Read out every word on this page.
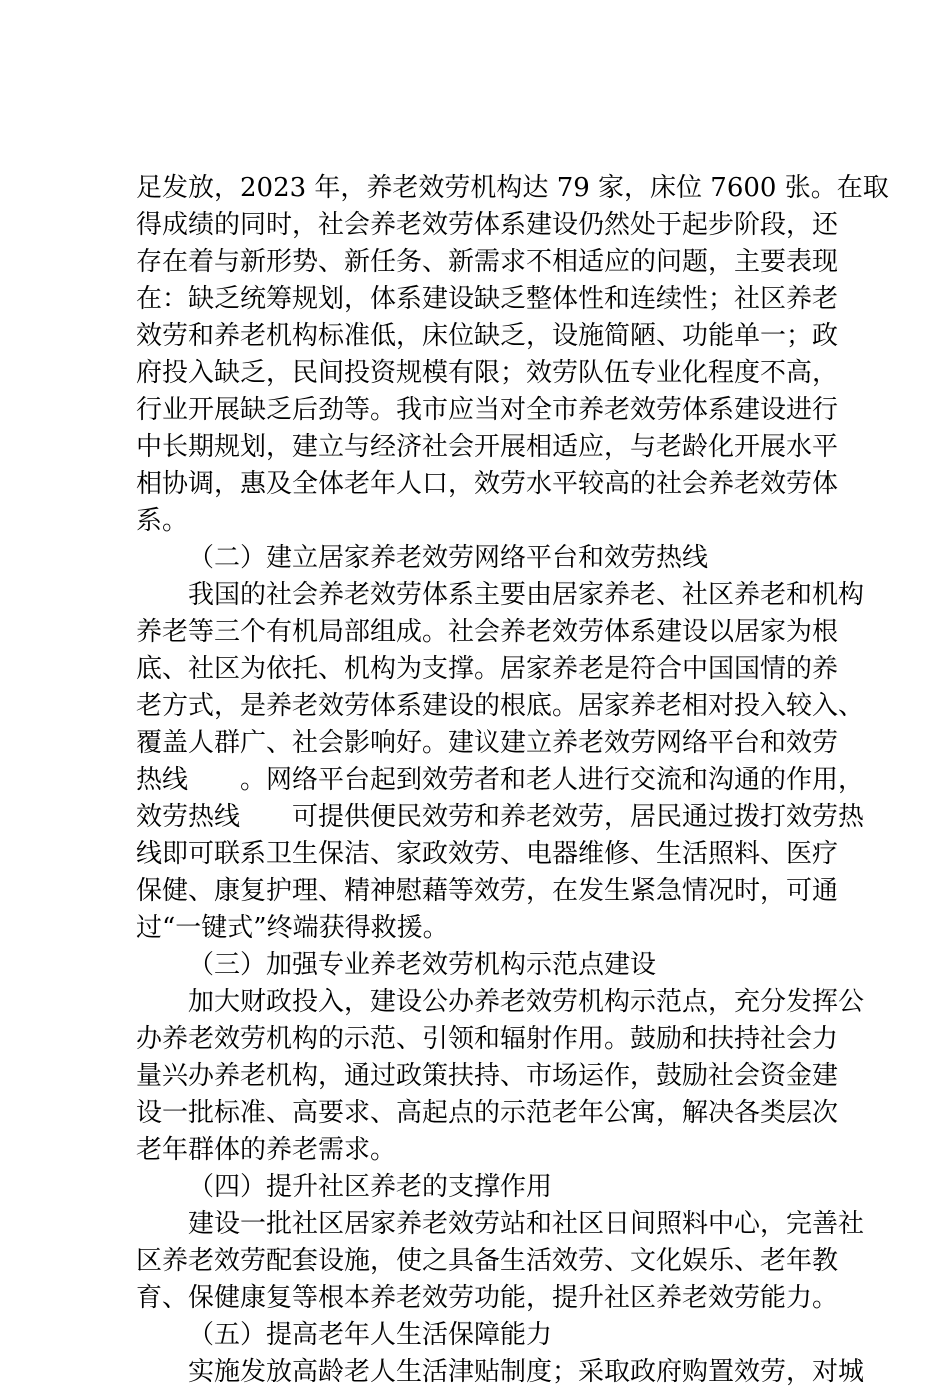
足发放，2023 年，养老效劳机构达 79 家，床位 7600 张。在取
得成绩的同时，社会养老效劳体系建设仍然处于起步阶段，还
存在着与新形势、新任务、新需求不相适应的问题，主要表现
在：缺乏统筹规划，体系建设缺乏整体性和连续性；社区养老
效劳和养老机构标准低，床位缺乏，设施简陋、功能单一；政
府投入缺乏，民间投资规模有限；效劳队伍专业化程度不高，
行业开展缺乏后劲等。我市应当对全市养老效劳体系建设进行
中长期规划，建立与经济社会开展相适应，与老龄化开展水平
相协调，惠及全体老年人口，效劳水平较高的社会养老效劳体
系。
（二）建立居家养老效劳网络平台和效劳热线
我国的社会养老效劳体系主要由居家养老、社区养老和机构
养老等三个有机局部组成。社会养老效劳体系建设以居家为根
底、社区为依托、机构为支撑。居家养老是符合中国国情的养
老方式，是养老效劳体系建设的根底。居家养老相对投入较入、
覆盖人群广、社会影响好。建议建立养老效劳网络平台和效劳
热线　　。网络平台起到效劳者和老人进行交流和沟通的作用，
效劳热线　　可提供便民效劳和养老效劳，居民通过拨打效劳热
线即可联系卫生保洁、家政效劳、电器维修、生活照料、医疗
保健、康复护理、精神慰藉等效劳，在发生紧急情况时，可通
过“一键式”终端获得救援。
（三）加强专业养老效劳机构示范点建设
加大财政投入，建设公办养老效劳机构示范点，充分发挥公
办养老效劳机构的示范、引领和辐射作用。鼓励和扶持社会力
量兴办养老机构，通过政策扶持、市场运作，鼓励社会资金建
设一批标准、高要求、高起点的示范老年公寓，解决各类层次
老年群体的养老需求。
（四）提升社区养老的支撑作用
建设一批社区居家养老效劳站和社区日间照料中心，完善社
区养老效劳配套设施，使之具备生活效劳、文化娱乐、老年教
育、保健康复等根本养老效劳功能，提升社区养老效劳能力。
（五）提高老年人生活保障能力
实施发放高龄老人生活津贴制度；采取政府购置效劳，对城
